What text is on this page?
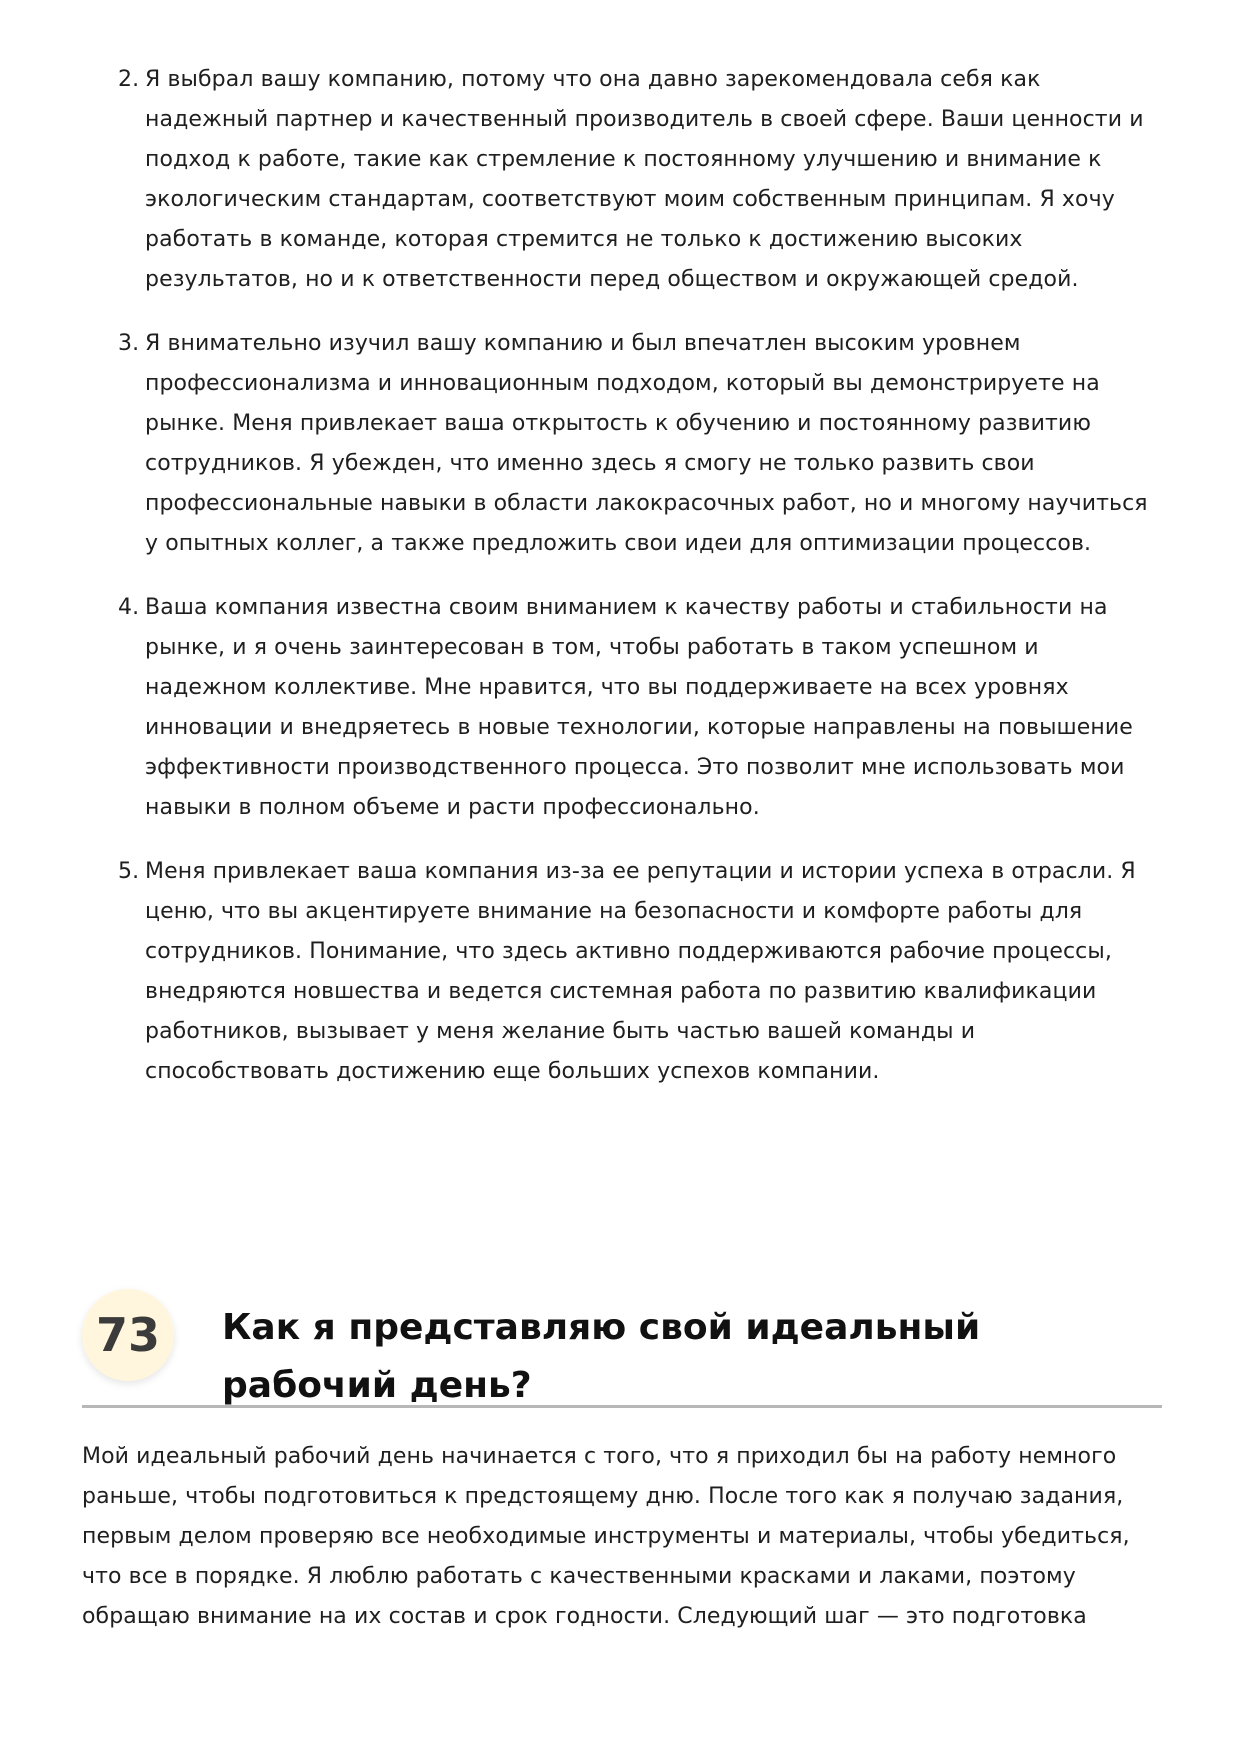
2. Я выбрал вашу компанию, потому что она давно зарекомендовала себя как надежный партнер и качественный производитель в своей сфере. Ваши ценности и подход к работе, такие как стремление к постоянному улучшению и внимание к экологическим стандартам, соответствуют моим собственным принципам. Я хочу работать в команде, которая стремится не только к достижению высоких результатов, но и к ответственности перед обществом и окружающей средой.
3. Я внимательно изучил вашу компанию и был впечатлен высоким уровнем профессионализма и инновационным подходом, который вы демонстрируете на рынке. Меня привлекает ваша открытость к обучению и постоянному развитию сотрудников. Я убежден, что именно здесь я смогу не только развить свои профессиональные навыки в области лакокрасочных работ, но и многому научиться у опытных коллег, а также предложить свои идеи для оптимизации процессов.
4. Ваша компания известна своим вниманием к качеству работы и стабильности на рынке, и я очень заинтересован в том, чтобы работать в таком успешном и надежном коллективе. Мне нравится, что вы поддерживаете на всех уровнях инновации и внедряетесь в новые технологии, которые направлены на повышение эффективности производственного процесса. Это позволит мне использовать мои навыки в полном объеме и расти профессионально.
5. Меня привлекает ваша компания из-за ее репутации и истории успеха в отрасли. Я ценю, что вы акцентируете внимание на безопасности и комфорте работы для сотрудников. Понимание, что здесь активно поддерживаются рабочие процессы, внедряются новшества и ведется системная работа по развитию квалификации работников, вызывает у меня желание быть частью вашей команды и способствовать достижению еще больших успехов компании.
73	Как я представляю свой идеальный рабочий день?

Мой идеальный рабочий день начинается с того, что я приходил бы на работу немного раньше, чтобы подготовиться к предстоящему дню. После того как я получаю задания, первым делом проверяю все необходимые инструменты и материалы, чтобы убедиться, что все в порядке. Я люблю работать с качественными красками и лаками, поэтому обращаю внимание на их состав и срок годности. Следующий шаг — это подготовка
